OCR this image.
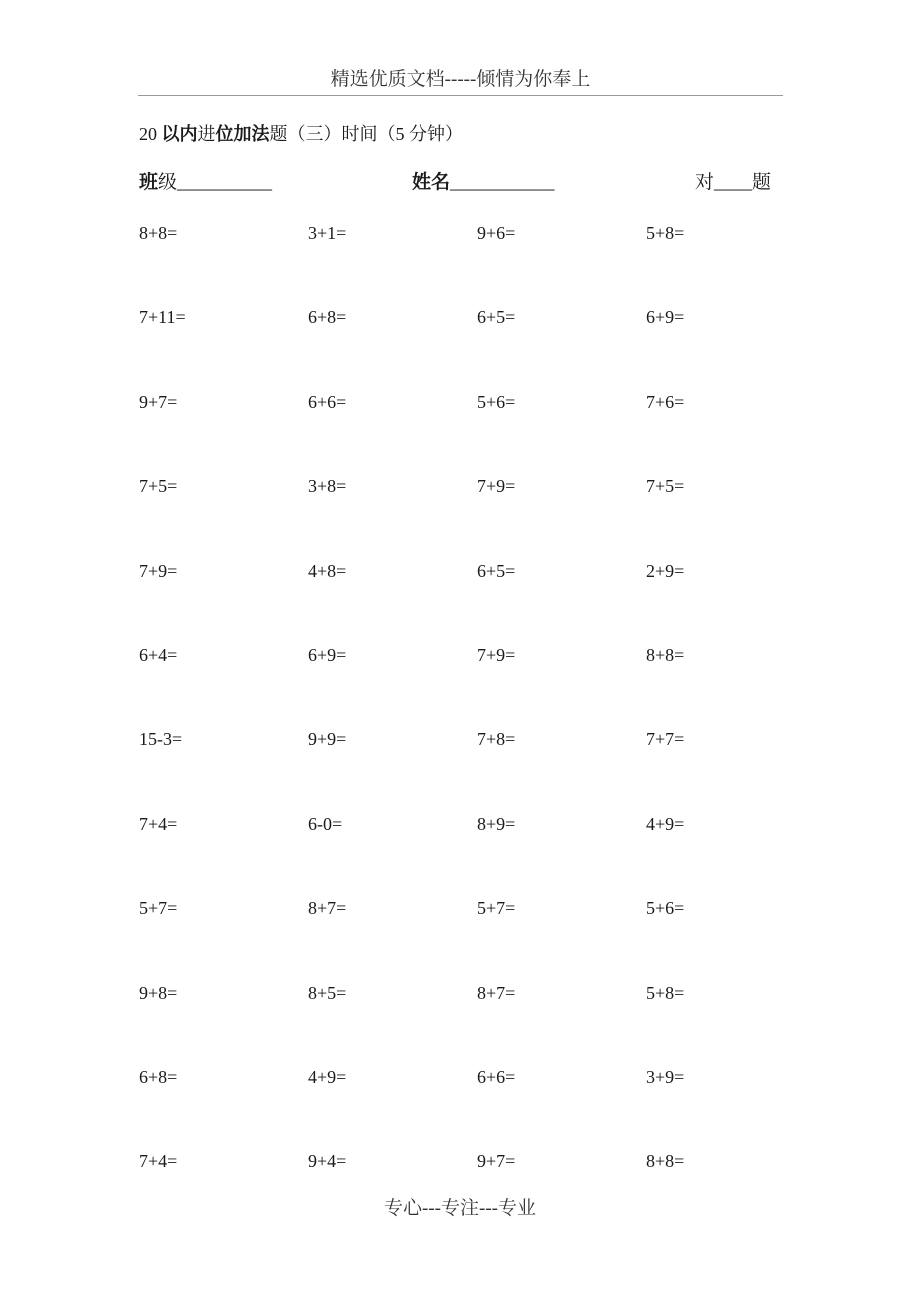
精选优质文档-----倾情为你奉上
20 以内进位加法题（三）时间（5 分钟）
班级__________	姓名___________	对____题
8+8=	3+1=	9+6=	5+8=
7+11=	6+8=	6+5=	6+9=
9+7=	6+6=	5+6=	7+6=
7+5=	3+8=	7+9=	7+5=
7+9=	4+8=	6+5=	2+9=
6+4=	6+9=	7+9=	8+8=
15-3=	9+9=	7+8=	7+7=
7+4=	6-0=	8+9=	4+9=
5+7=	8+7=	5+7=	5+6=
9+8=	8+5=	8+7=	5+8=
6+8=	4+9=	6+6=	3+9=
7+4=	9+4=	9+7=	8+8=
专心---专注---专业
